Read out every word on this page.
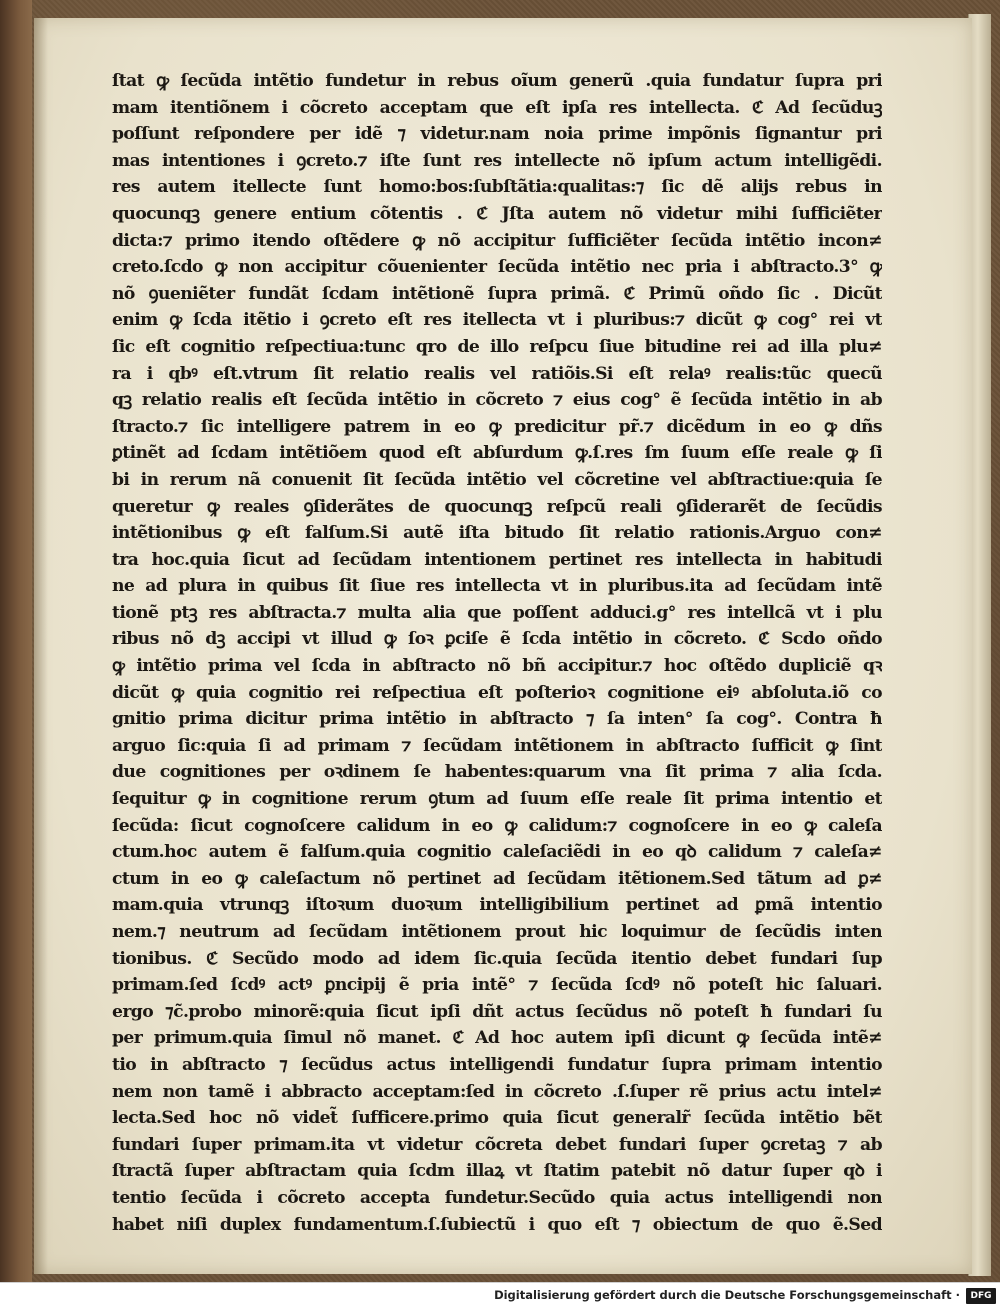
ſtat ꝙ ſecũda intẽtio fundetur in rebus oĩum generũ .quia fundatur ſupra pri
mam itentiõnem i cõcreto acceptam que eſt ipſa res intellecta. ℭ Ad ſecũduꝫ
poſſunt reſpondere per idẽ ⁊ videtur.nam noia prime impõnis ſignantur pri
mas intentiones i ꝯcreto.⁊ iſte ſunt res intellecte nõ ipſum actum intelligẽdi.
res autem itellecte ſunt homo:bos:ſubſtãtia:qualitas:⁊ ſic dẽ alijs rebus in
quocunqꝫ genere entium cõtentis . ℭ Jſta autem nõ videtur mihi ſufficiẽter
dicta:⁊ primo itendo oſtẽdere ꝙ nõ accipitur ſufficiẽter ſecũda intẽtio incon≠
creto.ſcdo ꝙ non accipitur cõuenienter ſecũda intẽtio nec pria i abſtracto.3° ꝙ
nõ ꝯueniẽter fundãt ſcdam intẽtionẽ ſupra primã. ℭ Primũ oñdo ſic . Dicũt
enim ꝙ ſcda itẽtio i ꝯcreto eſt res itellecta vt i pluribus:⁊ dicũt ꝙ cog° rei vt
ſic eſt cognitio reſpectiua:tunc qro de illo reſpcu ſiue bitudine rei ad illa plu≠
ra i qbꝰ eſt.vtrum ſit relatio realis vel ratiõis.Si eſt relaꝰ realis:tũc quecũ
qꝫ relatio realis eſt ſecũda intẽtio in cõcreto ⁊ eius cog° ẽ ſecũda intẽtio in ab
ſtracto.⁊ ſic intelligere patrem in eo ꝙ predicitur pr̃.⁊ dicẽdum in eo ꝙ dñs
ꝑtinẽt ad ſcdam intẽtiõem quod eſt abſurdum ꝙ.ſ.res ſm ſuum eſſe reale ꝙ ſi
bi in rerum nã conuenit ſit ſecũda intẽtio vel cõcretine vel abſtractiue:quia ſe
queretur ꝙ reales ꝯſiderãtes de quocunqꝫ reſpcũ reali ꝯſiderarẽt de ſecũdis
intẽtionibus ꝙ eſt falſum.Si autẽ iſta bitudo ſit relatio rationis.Arguo con≠
tra hoc.quia ſicut ad ſecũdam intentionem pertinet res intellecta in habitudi
ne ad plura in quibus ſit ſiue res intellecta vt in pluribus.ita ad ſecũdam intẽ
tionẽ ptꝫ res abſtracta.⁊ multa alia que poſſent adduci.g° res intellcã vt i plu
ribus nõ dꝫ accipi vt illud ꝙ ſoꝛ ꝑciſe ẽ ſcda intẽtio in cõcreto. ℭ Scdo oñdo
ꝙ intẽtio prima vel ſcda in abſtracto nõ bñ accipitur.⁊ hoc oſtẽdo dupliciẽ qꝛ
dicũt ꝙ quia cognitio rei reſpectiua eſt poſterioꝛ cognitione eiꝰ abſoluta.iõ co
gnitio prima dicitur prima intẽtio in abſtracto ⁊ ſa inten° ſa cog°. Contra ħ
arguo ſic:quia ſi ad primam ⁊ ſecũdam intẽtionem in abſtracto ſufficit ꝙ ſint
due cognitiones per oꝛdinem ſe habentes:quarum vna ſit prima ⁊ alia ſcda.
ſequitur ꝙ in cognitione rerum ꝯtum ad ſuum eſſe reale ſit prima intentio et
ſecũda: ſicut cognoſcere calidum in eo ꝙ calidum:⁊ cognoſcere in eo ꝙ caleſa
ctum.hoc autem ẽ falſum.quia cognitio caleſaciẽdi in eo qꝺ calidum ⁊ caleſa≠
ctum in eo ꝙ caleſactum nõ pertinet ad ſecũdam itẽtionem.Sed tãtum ad ꝑ≠
mam.quia vtrunqꝫ iſtoꝛum duoꝛum intelligibilium pertinet ad ꝑmã intentio
nem.⁊ neutrum ad ſecũdam intẽtionem prout hic loquimur de ſecũdis inten
tionibus. ℭ Secũdo modo ad idem ſic.quia ſecũda itentio debet fundari ſup
primam.ſed ſcdꝰ actꝰ ꝑncipij ẽ pria intẽ° ⁊ ſecũda ſcdꝰ nõ poteſt hic ſaluari.
ergo ⁊c̃.probo minorẽ:quia ſicut ipſi dñt actus ſecũdus nõ poteſt ħ fundari ſu
per primum.quia ſimul nõ manet. ℭ Ad hoc autem ipſi dicunt ꝙ ſecũda intẽ≠
tio in abſtracto ⁊ ſecũdus actus intelligendi fundatur ſupra primam intentio
nem non tamẽ i abbracto acceptam:ſed in cõcreto .ſ.ſuper rẽ prius actu intel≠
lecta.Sed hoc nõ videt̃ ſufficere.primo quia ſicut generalr̃ ſecũda intẽtio bẽt
fundari ſuper primam.ita vt videtur cõcreta debet fundari ſuper ꝯcretaꝫ ⁊ ab
ſtractã ſuper abſtractam quia ſcdm illaꝝ vt ſtatim patebit nõ datur ſuper qꝺ i
tentio ſecũda i cõcreto accepta fundetur.Secũdo quia actus intelligendi non
habet niſi duplex fundamentum.ſ.ſubiectũ i quo eſt ⁊ obiectum de quo ẽ.Sed
Digitalisierung gefördert durch die Deutsche Forschungsgemeinschaft ·	DFG
